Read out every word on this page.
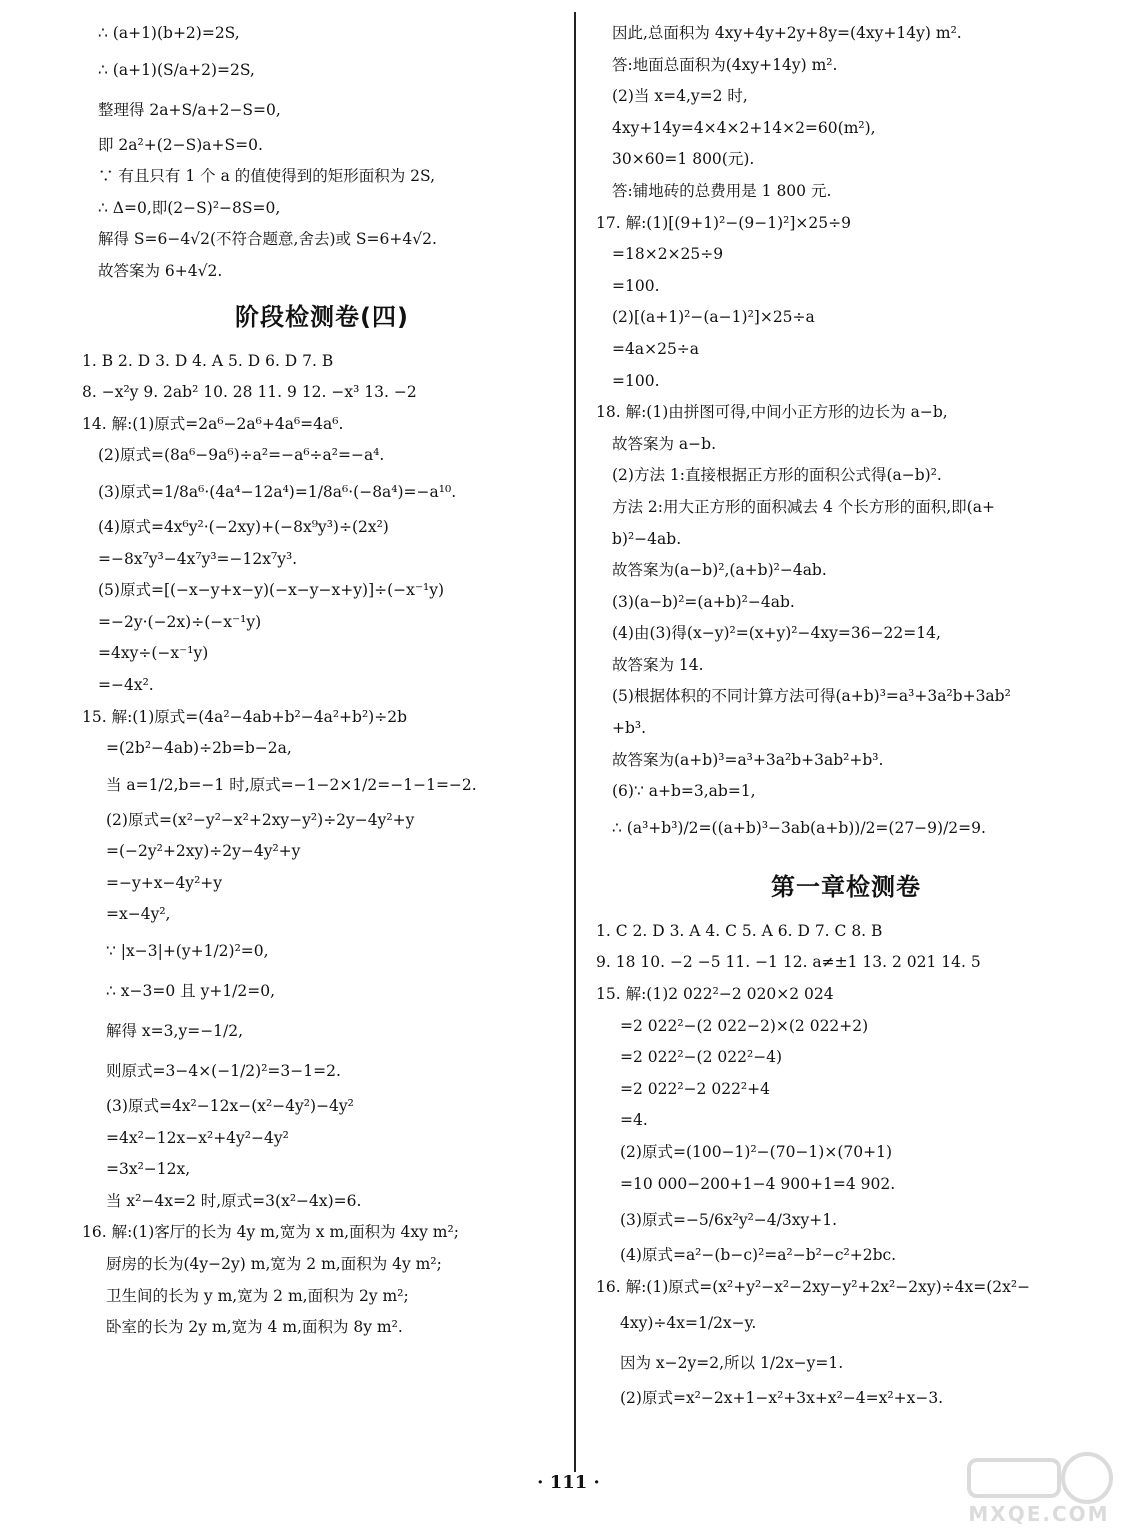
∴ (a+1)(b+2)=2S,
∴ (a+1)(S/a+2)=2S,
整理得 2a+S/a+2−S=0,
即 2a²+(2−S)a+S=0.
∵ 有且只有 1 个 a 的值使得到的矩形面积为 2S,
∴ Δ=0,即(2−S)²−8S=0,
解得 S=6−4√2(不符合题意,舍去)或 S=6+4√2.
故答案为 6+4√2.
阶段检测卷(四)
1. B 2. D 3. D 4. A 5. D 6. D 7. B
8. −x²y 9. 2ab² 10. 28 11. 9 12. −x³ 13. −2
14. 解:(1)原式=2a⁶−2a⁶+4a⁶=4a⁶.
(2)原式=(8a⁶−9a⁶)÷a²=−a⁶÷a²=−a⁴.
(3)原式=1/8a⁶·(4a⁴−12a⁴)=1/8a⁶·(−8a⁴)=−a¹⁰.
(4)原式=4x⁶y²·(−2xy)+(−8x⁹y³)÷(2x²)
=−8x⁷y³−4x⁷y³=−12x⁷y³.
(5)原式=[(−x−y+x−y)(−x−y−x+y)]÷(−x⁻¹y)
=−2y·(−2x)÷(−x⁻¹y)
=4xy÷(−x⁻¹y)
=−4x².
15. 解:(1)原式=(4a²−4ab+b²−4a²+b²)÷2b
=(2b²−4ab)÷2b=b−2a,
当 a=1/2,b=−1 时,原式=−1−2×1/2=−1−1=−2.
(2)原式=(x²−y²−x²+2xy−y²)÷2y−4y²+y
=(−2y²+2xy)÷2y−4y²+y
=−y+x−4y²+y
=x−4y²,
∵ |x−3|+(y+1/2)²=0,
∴ x−3=0 且 y+1/2=0,
解得 x=3,y=−1/2,
则原式=3−4×(−1/2)²=3−1=2.
(3)原式=4x²−12x−(x²−4y²)−4y²
=4x²−12x−x²+4y²−4y²
=3x²−12x,
当 x²−4x=2 时,原式=3(x²−4x)=6.
16. 解:(1)客厅的长为 4y m,宽为 x m,面积为 4xy m²;
厨房的长为(4y−2y) m,宽为 2 m,面积为 4y m²;
卫生间的长为 y m,宽为 2 m,面积为 2y m²;
卧室的长为 2y m,宽为 4 m,面积为 8y m².
因此,总面积为 4xy+4y+2y+8y=(4xy+14y) m².
答:地面总面积为(4xy+14y) m².
(2)当 x=4,y=2 时,
4xy+14y=4×4×2+14×2=60(m²),
30×60=1 800(元).
答:铺地砖的总费用是 1 800 元.
17. 解:(1)[(9+1)²−(9−1)²]×25÷9
=18×2×25÷9
=100.
(2)[(a+1)²−(a−1)²]×25÷a
=4a×25÷a
=100.
18. 解:(1)由拼图可得,中间小正方形的边长为 a−b,
故答案为 a−b.
(2)方法 1:直接根据正方形的面积公式得(a−b)².
方法 2:用大正方形的面积减去 4 个长方形的面积,即(a+
b)²−4ab.
故答案为(a−b)²,(a+b)²−4ab.
(3)(a−b)²=(a+b)²−4ab.
(4)由(3)得(x−y)²=(x+y)²−4xy=36−22=14,
故答案为 14.
(5)根据体积的不同计算方法可得(a+b)³=a³+3a²b+3ab²
+b³.
故答案为(a+b)³=a³+3a²b+3ab²+b³.
(6)∵ a+b=3,ab=1,
∴ (a³+b³)/2=((a+b)³−3ab(a+b))/2=(27−9)/2=9.
第一章检测卷
1. C 2. D 3. A 4. C 5. A 6. D 7. C 8. B
9. 18 10. −2 −5 11. −1 12. a≠±1 13. 2 021 14. 5
15. 解:(1)2 022²−2 020×2 024
=2 022²−(2 022−2)×(2 022+2)
=2 022²−(2 022²−4)
=2 022²−2 022²+4
=4.
(2)原式=(100−1)²−(70−1)×(70+1)
=10 000−200+1−4 900+1=4 902.
(3)原式=−5/6x²y²−4/3xy+1.
(4)原式=a²−(b−c)²=a²−b²−c²+2bc.
16. 解:(1)原式=(x²+y²−x²−2xy−y²+2x²−2xy)÷4x=(2x²−
4xy)÷4x=1/2x−y.
因为 x−2y=2,所以 1/2x−y=1.
(2)原式=x²−2x+1−x²+3x+x²−4=x²+x−3.
· 111 ·
MXQE.COM
